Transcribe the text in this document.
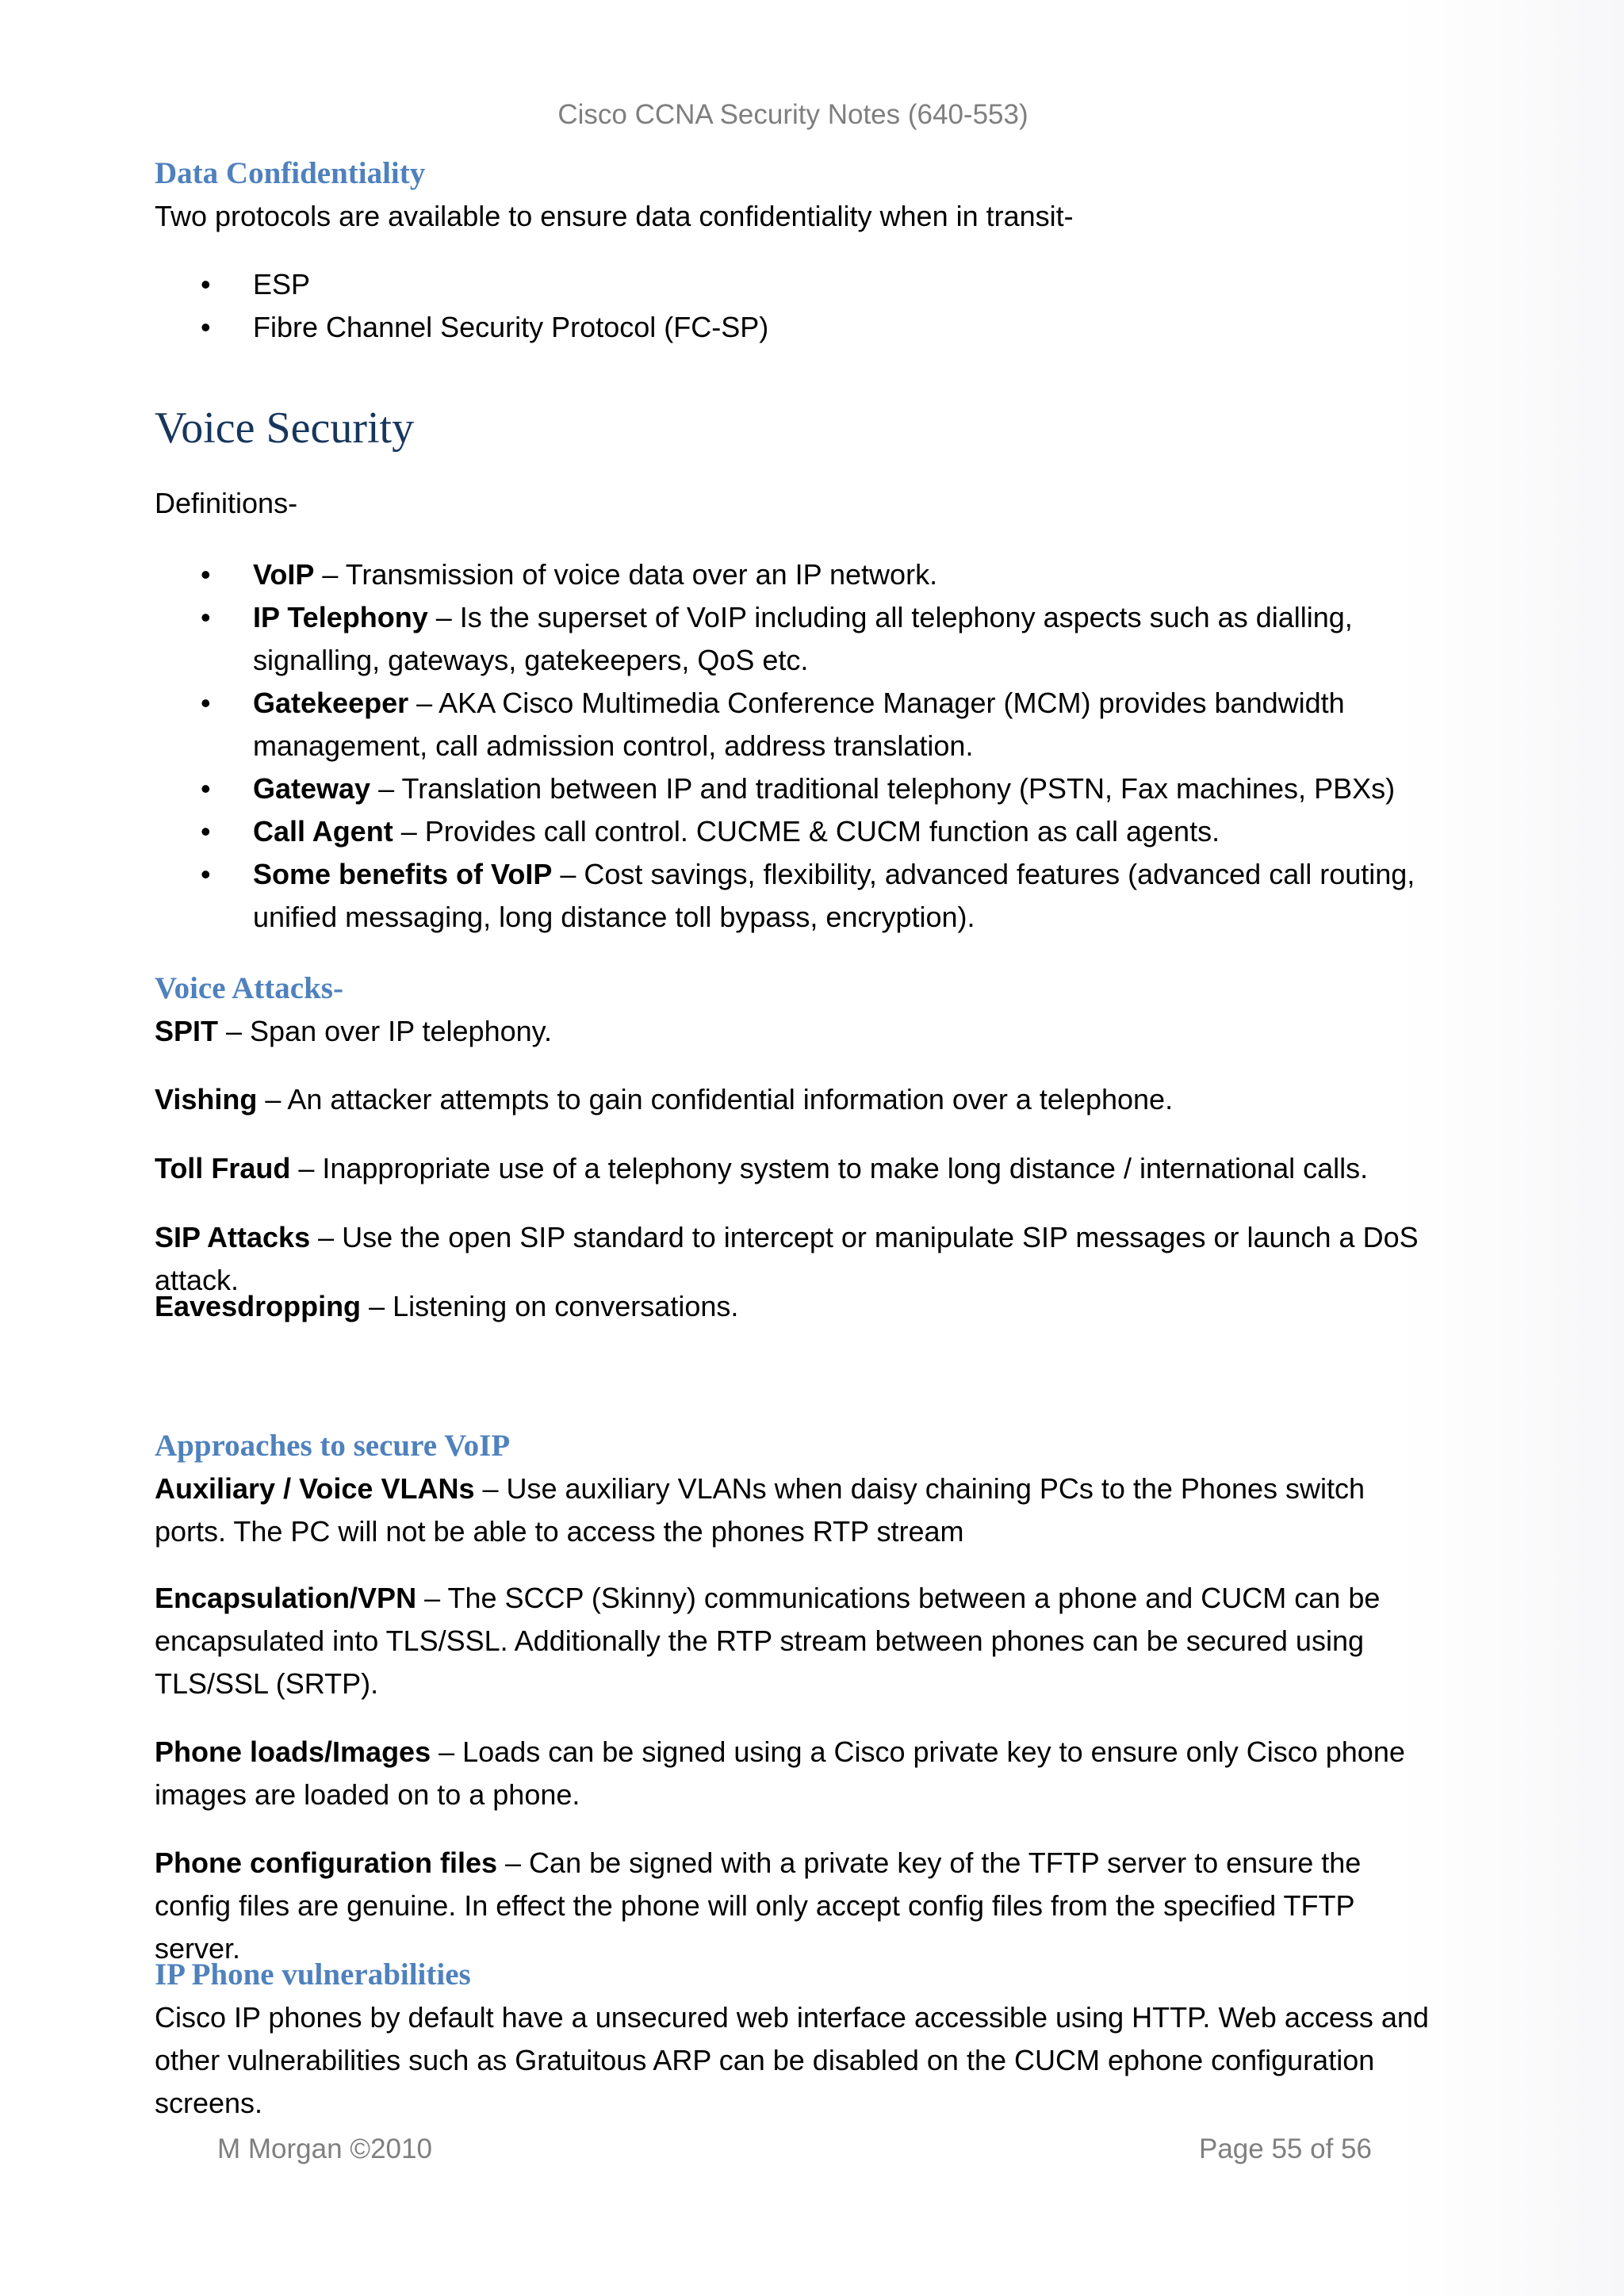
Cisco CCNA Security Notes (640-553)
Data Confidentiality

Two protocols are available to ensure data confidentiality when in transit-

• ESP
• Fibre Channel Security Protocol (FC-SP)
Voice Security

Definitions-

• VoIP – Transmission of voice data over an IP network.
• IP Telephony – Is the superset of VoIP including all telephony aspects such as dialling, signalling, gateways, gatekeepers, QoS etc.
• Gatekeeper – AKA Cisco Multimedia Conference Manager (MCM) provides bandwidth management, call admission control, address translation.
• Gateway – Translation between IP and traditional telephony (PSTN, Fax machines, PBXs)
• Call Agent – Provides call control. CUCME & CUCM function as call agents.
• Some benefits of VoIP – Cost savings, flexibility, advanced features (advanced call routing, unified messaging, long distance toll bypass, encryption).
Voice Attacks-

SPIT – Span over IP telephony.

Vishing – An attacker attempts to gain confidential information over a telephone.

Toll Fraud – Inappropriate use of a telephony system to make long distance / international calls.

SIP Attacks – Use the open SIP standard to intercept or manipulate SIP messages or launch a DoS attack.

Eavesdropping – Listening on conversations.

Approaches to secure VoIP

Auxiliary / Voice VLANs – Use auxiliary VLANs when daisy chaining PCs to the Phones switch ports. The PC will not be able to access the phones RTP stream

Encapsulation/VPN – The SCCP (Skinny) communications between a phone and CUCM can be encapsulated into TLS/SSL. Additionally the RTP stream between phones can be secured using TLS/SSL (SRTP).

Phone loads/Images – Loads can be signed using a Cisco private key to ensure only Cisco phone images are loaded on to a phone.

Phone configuration files – Can be signed with a private key of the TFTP server to ensure the config files are genuine. In effect the phone will only accept config files from the specified TFTP server.

IP Phone vulnerabilities

Cisco IP phones by default have a unsecured web interface accessible using HTTP. Web access and other vulnerabilities such as Gratuitous ARP can be disabled on the CUCM ephone configuration screens.

M Morgan ©2010	Page 55 of 56
